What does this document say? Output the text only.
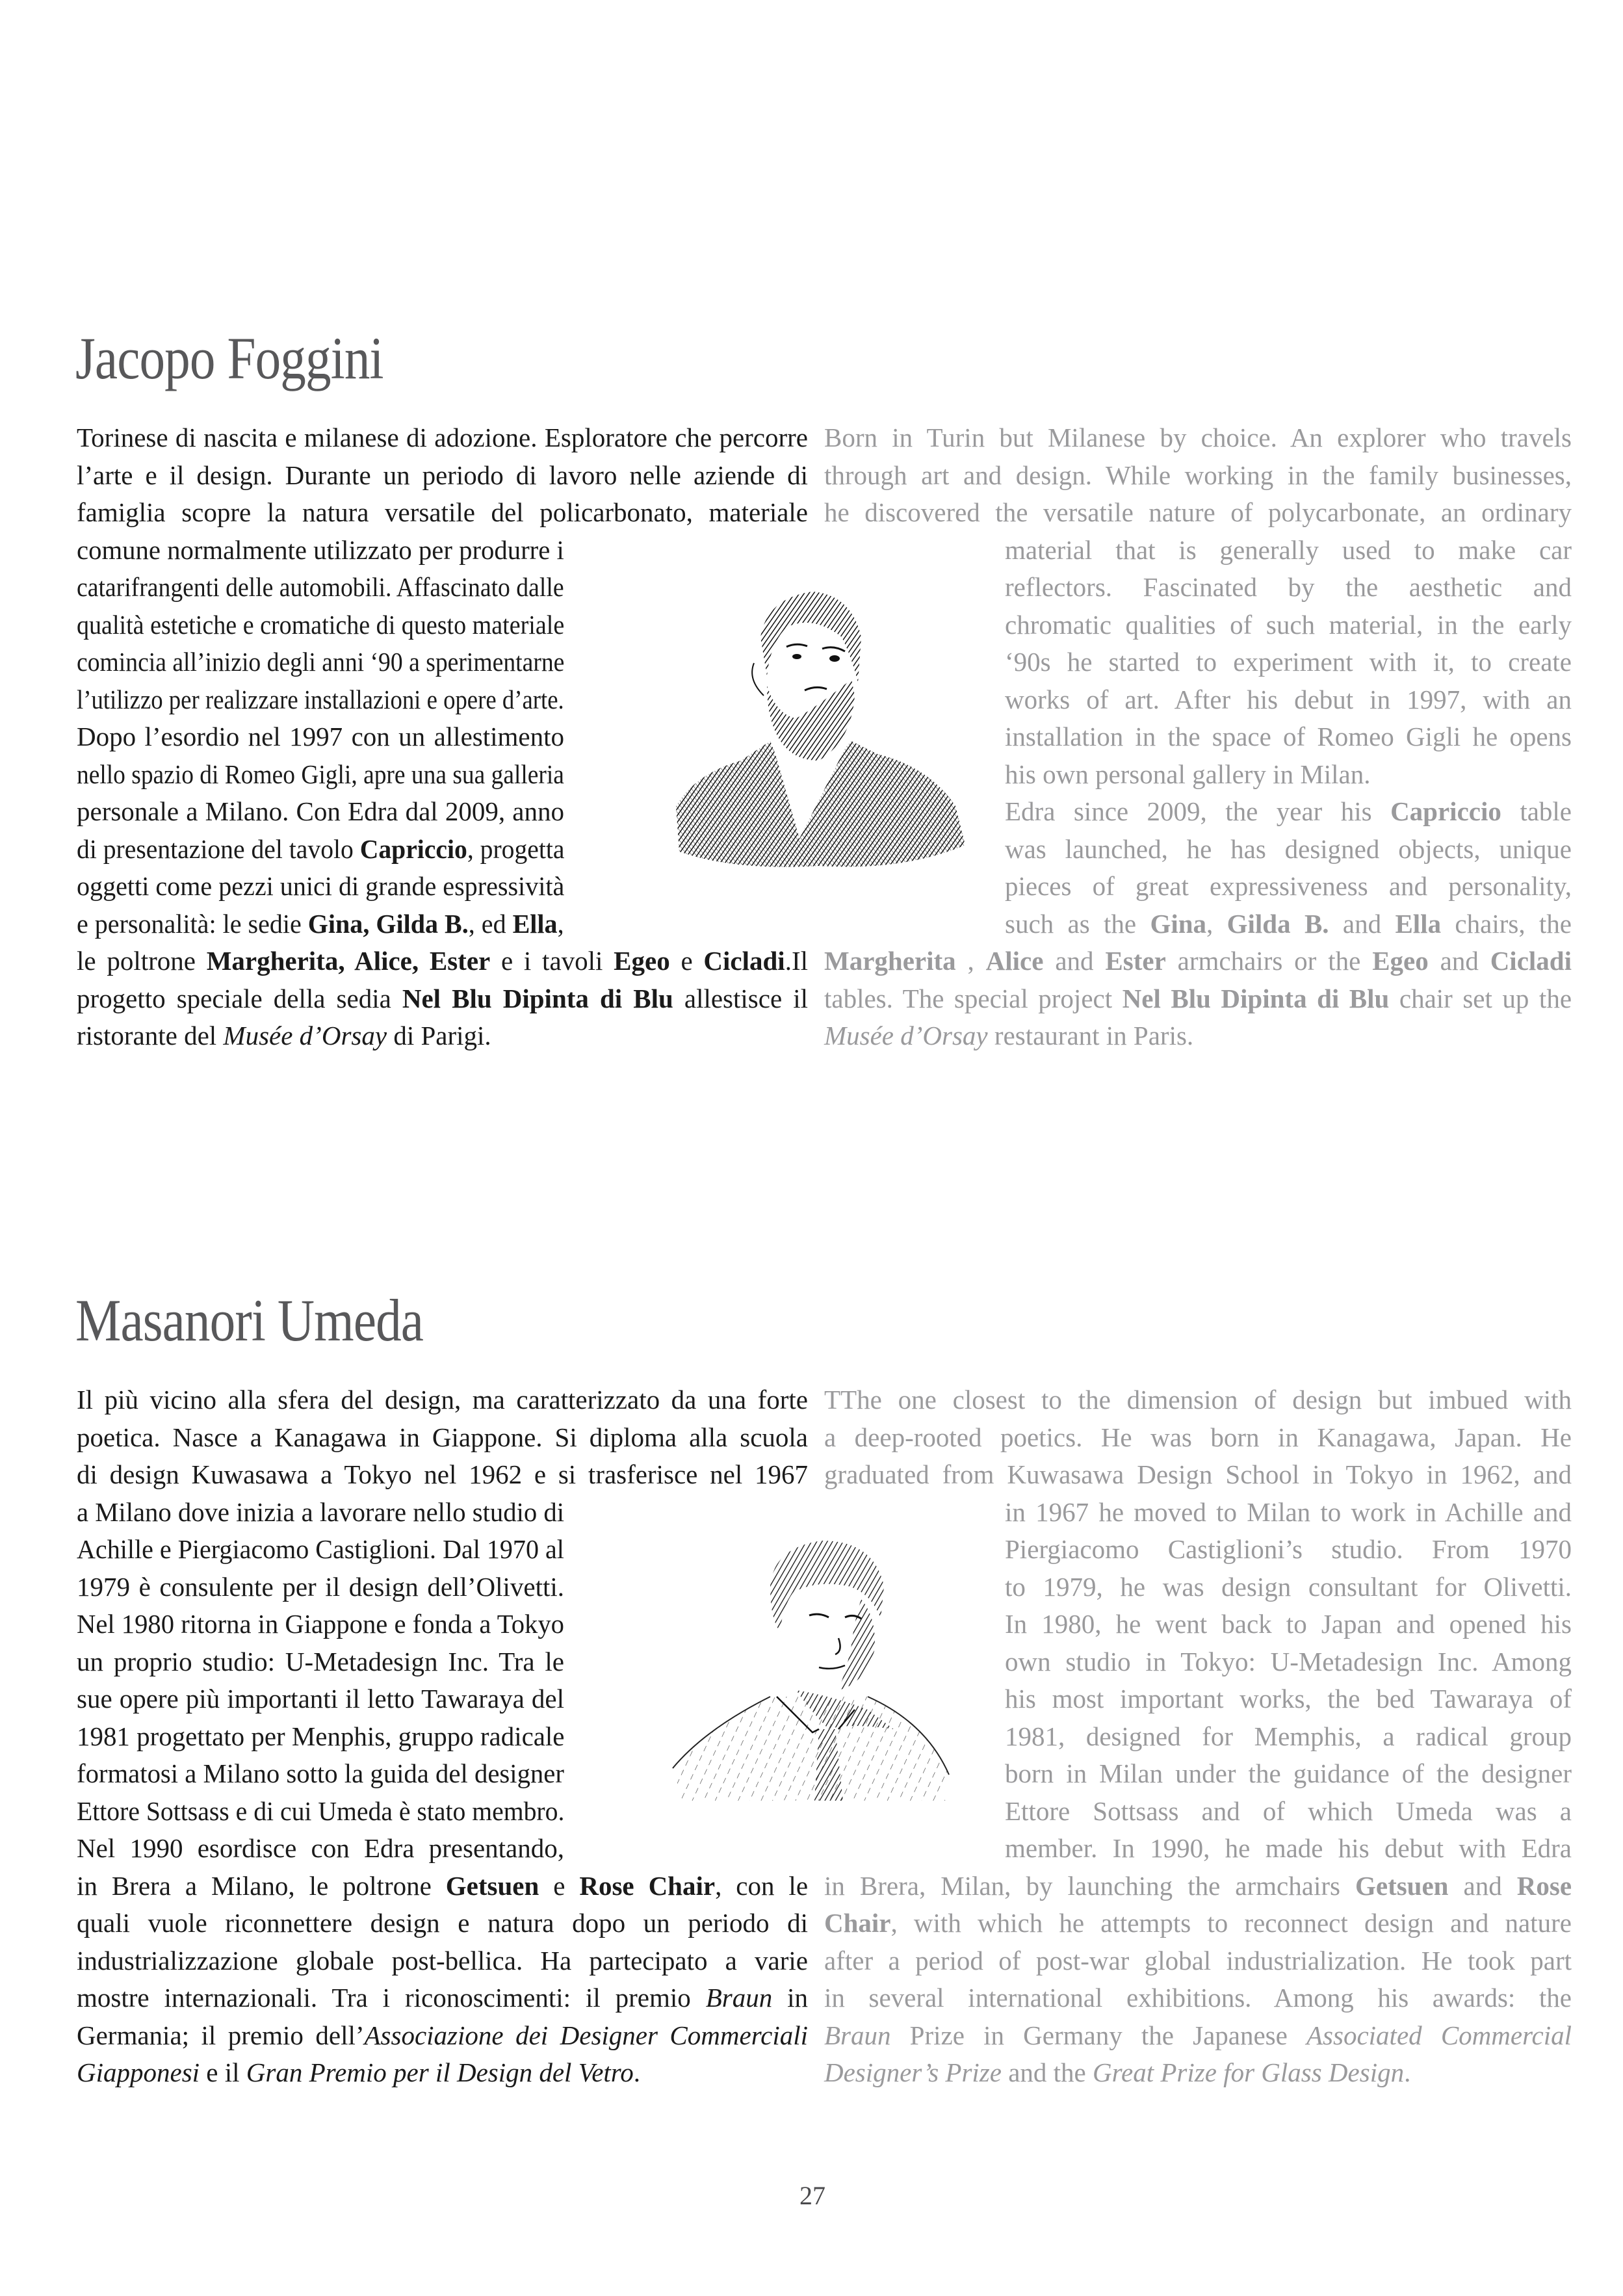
Jacopo Foggini
Torinese di nascita e milanese di adozione. Esploratore che percorre
l’arte e il design. Durante un periodo di lavoro nelle aziende di
famiglia scopre la natura versatile del policarbonato, materiale
comune normalmente utilizzato per produrre i
catarifrangenti delle automobili. Affascinato dalle
qualità estetiche e cromatiche di questo materiale
comincia all’inizio degli anni ‘90 a sperimentarne
l’utilizzo per realizzare installazioni e opere d’arte.
Dopo l’esordio nel 1997 con un allestimento
nello spazio di Romeo Gigli, apre una sua galleria
personale a Milano. Con Edra dal 2009, anno
di presentazione del tavolo Capriccio, progetta
oggetti come pezzi unici di grande espressività
e personalità: le sedie Gina, Gilda B., ed Ella,
le poltrone Margherita, Alice, Ester e i tavoli Egeo e Cicladi.Il
progetto speciale della sedia Nel Blu Dipinta di Blu allestisce il
ristorante del Musée d’Orsay di Parigi.
Born in Turin but Milanese by choice. An explorer who travels
through art and design. While working in the family businesses,
he discovered the versatile nature of polycarbonate, an ordinary
material that is generally used to make car
reflectors. Fascinated by the aesthetic and
chromatic qualities of such material, in the early
‘90s he started to experiment with it, to create
works of art. After his debut in 1997, with an
installation in the space of Romeo Gigli he opens
his own personal gallery in Milan.
Edra since 2009, the year his Capriccio table
was launched, he has designed objects, unique
pieces of great expressiveness and personality,
such as the Gina, Gilda B. and Ella chairs, the
Margherita , Alice and Ester armchairs or the Egeo and Cicladi
tables. The special project Nel Blu Dipinta di Blu chair set up the
Musée d’Orsay restaurant in Paris.
Masanori Umeda
Il più vicino alla sfera del design, ma caratterizzato da una forte
poetica. Nasce a Kanagawa in Giappone. Si diploma alla scuola
di design Kuwasawa a Tokyo nel 1962 e si trasferisce nel 1967
a Milano dove inizia a lavorare nello studio di
Achille e Piergiacomo Castiglioni. Dal 1970 al
1979 è consulente per il design dell’Olivetti.
Nel 1980 ritorna in Giappone e fonda a Tokyo
un proprio studio: U-Metadesign Inc. Tra le
sue opere più importanti il letto Tawaraya del
1981 progettato per Menphis, gruppo radicale
formatosi a Milano sotto la guida del designer
Ettore Sottsass e di cui Umeda è stato membro.
Nel 1990 esordisce con Edra presentando,
in Brera a Milano, le poltrone Getsuen e Rose Chair, con le
quali vuole riconnettere design e natura dopo un periodo di
industrializzazione globale post-bellica. Ha partecipato a varie
mostre internazionali. Tra i riconoscimenti: il premio Braun in
Germania; il premio dell’Associazione dei Designer Commerciali
Giapponesi e il Gran Premio per il Design del Vetro.
TThe one closest to the dimension of design but imbued with
a deep-rooted poetics. He was born in Kanagawa, Japan. He
graduated from Kuwasawa Design School in Tokyo in 1962, and
in 1967 he moved to Milan to work in Achille and
Piergiacomo Castiglioni’s studio. From 1970
to 1979, he was design consultant for Olivetti.
In 1980, he went back to Japan and opened his
own studio in Tokyo: U-Metadesign Inc. Among
his most important works, the bed Tawaraya of
1981, designed for Memphis, a radical group
born in Milan under the guidance of the designer
Ettore Sottsass and of which Umeda was a
member. In 1990, he made his debut with Edra
in Brera, Milan, by launching the armchairs Getsuen and Rose
Chair, with which he attempts to reconnect design and nature
after a period of post-war global industrialization. He took part
in several international exhibitions. Among his awards: the
Braun Prize in Germany the Japanese Associated Commercial
Designer’s Prize and the Great Prize for Glass Design.
27
